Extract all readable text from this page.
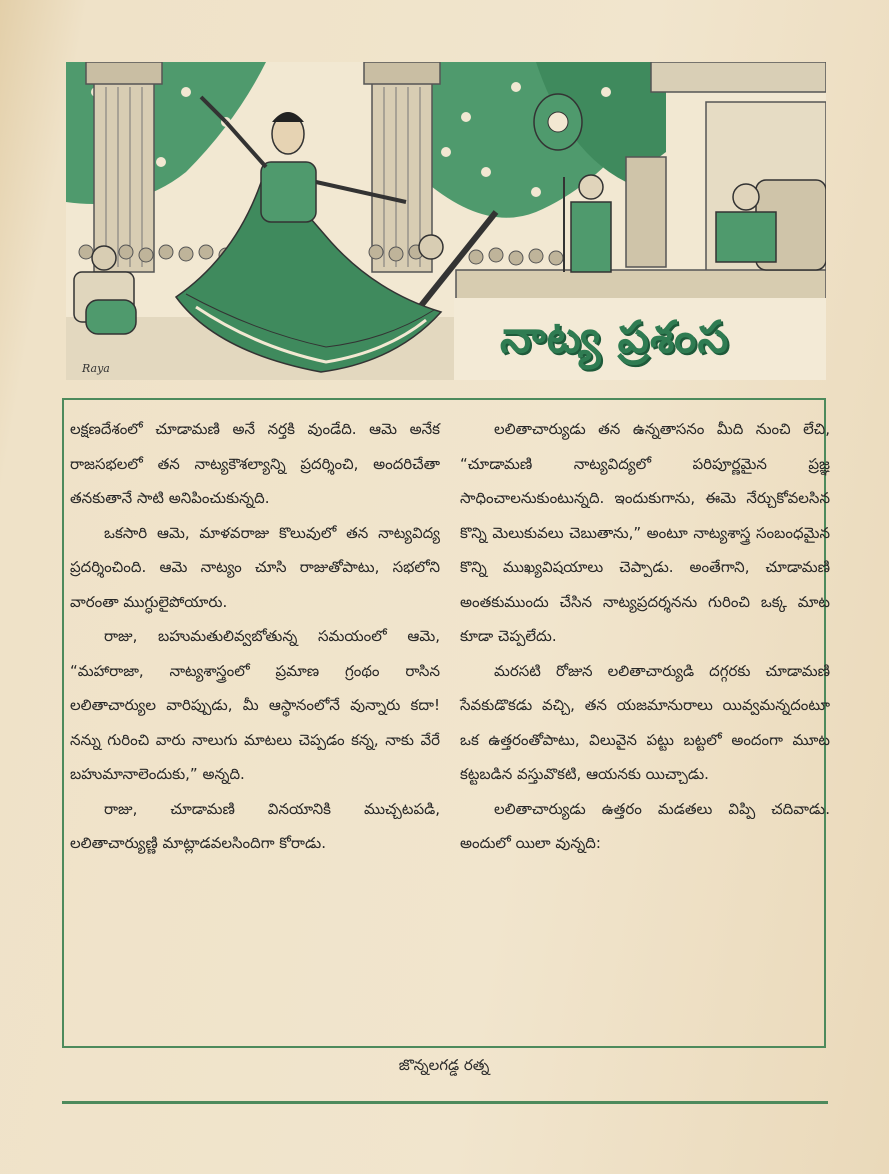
Raya
నాట్య ప్రశంస

లక్షణదేశంలో చూడామణి అనే నర్తకి వుండేది. ఆమె అనేక రాజసభలలో తన నాట్యకౌశల్యాన్ని ప్రదర్శించి, అందరిచేతా తనకుతానే సాటి అనిపించుకున్నది.

ఒకసారి ఆమె, మాళవరాజు కొలువులో తన నాట్యవిద్య ప్రదర్శించింది. ఆమె నాట్యం చూసి రాజుతోపాటు, సభలోని వారంతా ముగ్ధులైపోయారు.

రాజు, బహుమతులివ్వబోతున్న సమయంలో ఆమె, “మహారాజా, నాట్యశాస్త్రంలో ప్రమాణ గ్రంథం రాసిన లలితాచార్యుల వారిప్పుడు, మీ ఆస్థానంలోనే వున్నారు కదా! నన్ను గురించి వారు నాలుగు మాటలు చెప్పడం కన్న, నాకు వేరే బహుమానాలెందుకు,” అన్నది.

రాజు, చూడామణి వినయానికి ముచ్చటపడి, లలితాచార్యుణ్ణి మాట్లాడవలసిందిగా కోరాడు.

లలితాచార్యుడు తన ఉన్నతాసనం మీది నుంచి లేచి, “చూడామణి నాట్యవిద్యలో పరిపూర్ణమైన ప్రజ్ఞ సాధించాలనుకుంటున్నది. ఇందుకుగాను, ఈమె నేర్చుకోవలసిన కొన్ని మెలుకువలు చెబుతాను,” అంటూ నాట్యశాస్త్ర సంబంధమైన కొన్ని ముఖ్యవిషయాలు చెప్పాడు. అంతేగాని, చూడామణి అంతకుముందు చేసిన నాట్యప్రదర్శనను గురించి ఒక్క మాట కూడా చెప్పలేదు.

మరసటి రోజున లలితాచార్యుడి దగ్గరకు చూడామణి సేవకుడొకడు వచ్చి, తన యజమానురాలు యివ్వమన్నదంటూ ఒక ఉత్తరంతోపాటు, విలువైన పట్టు బట్టలో అందంగా మూట కట్టబడిన వస్తువొకటి, ఆయనకు యిచ్చాడు.

లలితాచార్యుడు ఉత్తరం మడతలు విప్పి చదివాడు. అందులో యిలా వున్నది:

జొన్నలగడ్డ రత్న
